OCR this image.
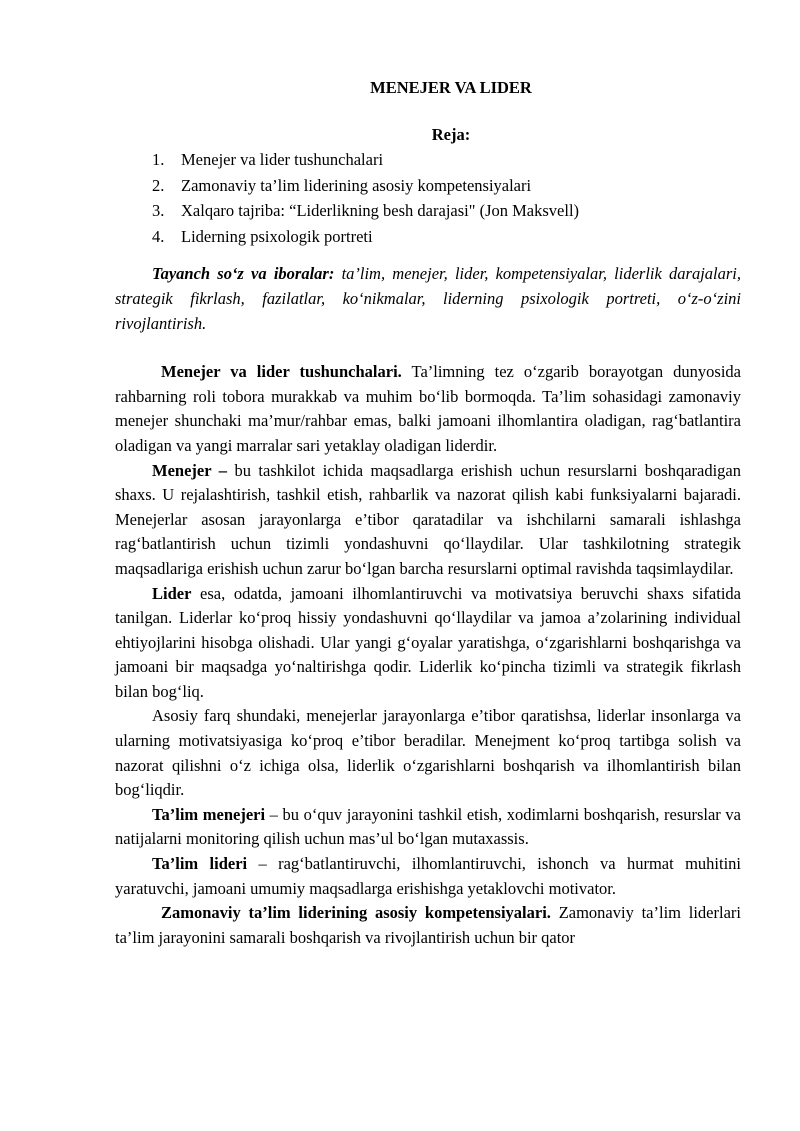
MENEJER VA LIDER
Reja:
1. Menejer va lider tushunchalari
2. Zamonaviy ta’lim liderining asosiy kompetensiyalari
3. Xalqaro tajriba: “Liderlikning besh darajasi" (Jon Maksvell)
4. Liderning psixologik portreti

Tayanch so‘z va iboralar: ta’lim, menejer, lider, kompetensiyalar, liderlik darajalari, strategik fikrlash, fazilatlar, ko‘nikmalar, liderning psixologik portreti, o‘z-o‘zini rivojlantirish.

Menejer va lider tushunchalari. Ta’limning tez o‘zgarib borayotgan dunyosida rahbarning roli tobora murakkab va muhim bo‘lib bormoqda. Ta’lim sohasidagi zamonaviy menejer shunchaki ma’mur/rahbar emas, balki jamoani ilhomlantira oladigan, rag‘batlantira oladigan va yangi marralar sari yetaklay oladigan liderdir.

Menejer – bu tashkilot ichida maqsadlarga erishish uchun resurslarni boshqaradigan shaxs. U rejalashtirish, tashkil etish, rahbarlik va nazorat qilish kabi funksiyalarni bajaradi. Menejerlar asosan jarayonlarga e’tibor qaratadilar va ishchilarni samarali ishlashga rag‘batlantirish uchun tizimli yondashuvni qo‘llaydilar. Ular tashkilotning strategik maqsadlariga erishish uchun zarur bo‘lgan barcha resurslarni optimal ravishda taqsimlaydilar.

Lider esa, odatda, jamoani ilhomlantiruvchi va motivatsiya beruvchi shaxs sifatida tanilgan. Liderlar ko‘proq hissiy yondashuvni qo‘llaydilar va jamoa a’zolarining individual ehtiyojlarini hisobga olishadi. Ular yangi g‘oyalar yaratishga, o‘zgarishlarni boshqarishga va jamoani bir maqsadga yo‘naltirishga qodir. Liderlik ko‘pincha tizimli va strategik fikrlash bilan bog‘liq.

Asosiy farq shundaki, menejerlar jarayonlarga e’tibor qaratishsa, liderlar insonlarga va ularning motivatsiyasiga ko‘proq e’tibor beradilar. Menejment ko‘proq tartibga solish va nazorat qilishni o‘z ichiga olsa, liderlik o‘zgarishlarni boshqarish va ilhomlantirish bilan bog‘liqdir.

Ta’lim menejeri – bu o‘quv jarayonini tashkil etish, xodimlarni boshqarish, resurslar va natijalarni monitoring qilish uchun mas’ul bo‘lgan mutaxassis.

Ta’lim lideri – rag‘batlantiruvchi, ilhomlantiruvchi, ishonch va hurmat muhitini yaratuvchi, jamoani umumiy maqsadlarga erishishga yetaklovchi motivator.

Zamonaviy ta’lim liderining asosiy kompetensiyalari. Zamonaviy ta’lim liderlari ta’lim jarayonini samarali boshqarish va rivojlantirish uchun bir qator
